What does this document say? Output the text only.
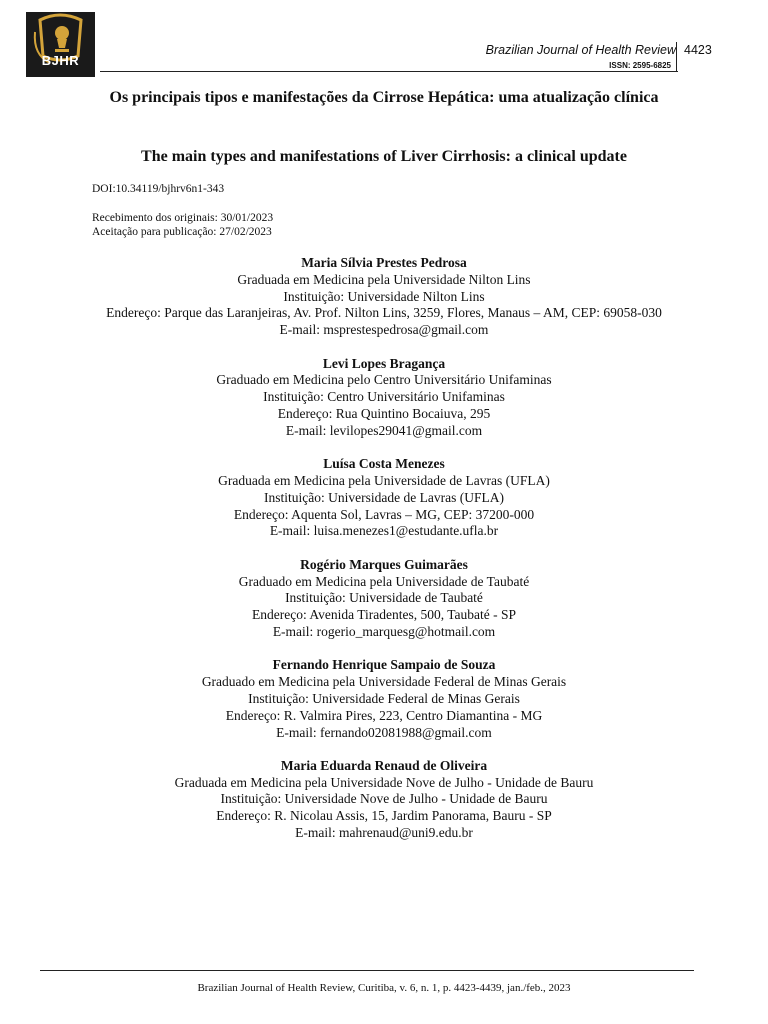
BJHR
Brazilian Journal of Health Review
ISSN: 2595-6825
4423
Os principais tipos e manifestações da Cirrose Hepática: uma atualização clínica
The main types and manifestations of Liver Cirrhosis: a clinical update
DOI:10.34119/bjhrv6n1-343
Recebimento dos originais: 30/01/2023
Aceitação para publicação: 27/02/2023
Maria Sílvia Prestes Pedrosa
Graduada em Medicina pela Universidade Nilton Lins
Instituição: Universidade Nilton Lins
Endereço: Parque das Laranjeiras, Av. Prof. Nilton Lins, 3259, Flores, Manaus – AM, CEP: 69058-030
E-mail: msprestespedrosa@gmail.com
Levi Lopes Bragança
Graduado em Medicina pelo Centro Universitário Unifaminas
Instituição: Centro Universitário Unifaminas
Endereço: Rua Quintino Bocaiuva, 295
E-mail: levilopes29041@gmail.com
Luísa Costa Menezes
Graduada em Medicina pela Universidade de Lavras (UFLA)
Instituição: Universidade de Lavras (UFLA)
Endereço: Aquenta Sol, Lavras – MG, CEP: 37200-000
E-mail: luisa.menezes1@estudante.ufla.br
Rogério Marques Guimarães
Graduado em Medicina pela Universidade de Taubaté
Instituição: Universidade de Taubaté
Endereço: Avenida Tiradentes, 500, Taubaté - SP
E-mail: rogerio_marquesg@hotmail.com
Fernando Henrique Sampaio de Souza
Graduado em Medicina pela Universidade Federal de Minas Gerais
Instituição: Universidade Federal de Minas Gerais
Endereço: R. Valmira Pires, 223, Centro Diamantina - MG
E-mail: fernando02081988@gmail.com
Maria Eduarda Renaud de Oliveira
Graduada em Medicina pela Universidade Nove de Julho - Unidade de Bauru
Instituição: Universidade Nove de Julho - Unidade de Bauru
Endereço: R. Nicolau Assis, 15, Jardim Panorama, Bauru - SP
E-mail: mahrenaud@uni9.edu.br
Brazilian Journal of Health Review, Curitiba, v. 6, n. 1, p. 4423-4439, jan./feb., 2023
